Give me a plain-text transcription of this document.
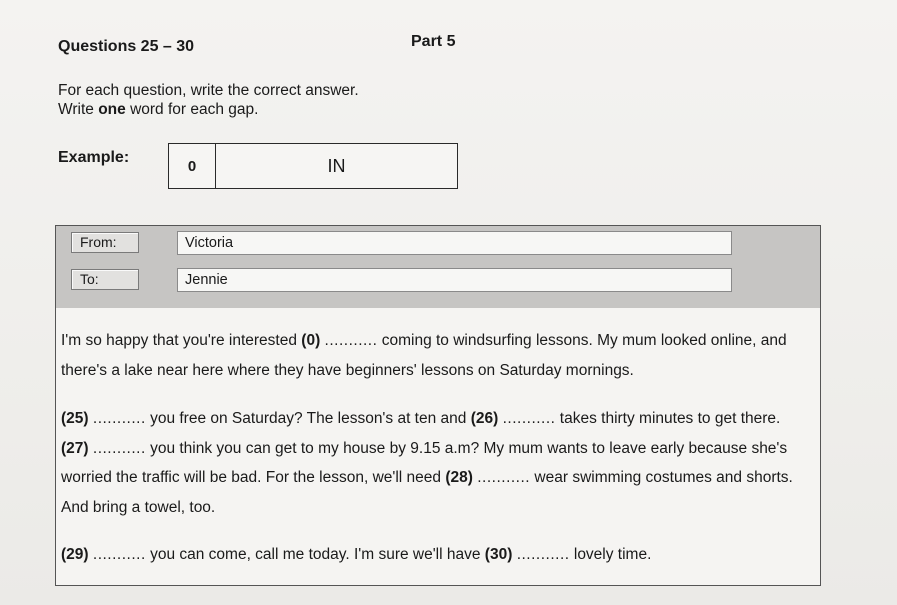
Questions 25 – 30	Part 5
For each question, write the correct answer.
Write one word for each gap.
Example:	0	IN
From:	Victoria
To:	Jennie
I'm so happy that you're interested (0) ........... coming to windsurfing lessons. My mum looked online, and there's a lake near here where they have beginners' lessons on Saturday mornings.
(25) ........... you free on Saturday? The lesson's at ten and (26) ........... takes thirty minutes to get there. (27) ........... you think you can get to my house by 9.15 a.m? My mum wants to leave early because she's worried the traffic will be bad. For the lesson, we'll need (28) ........... wear swimming costumes and shorts. And bring a towel, too.
(29) ........... you can come, call me today. I'm sure we'll have (30) ........... lovely time.
